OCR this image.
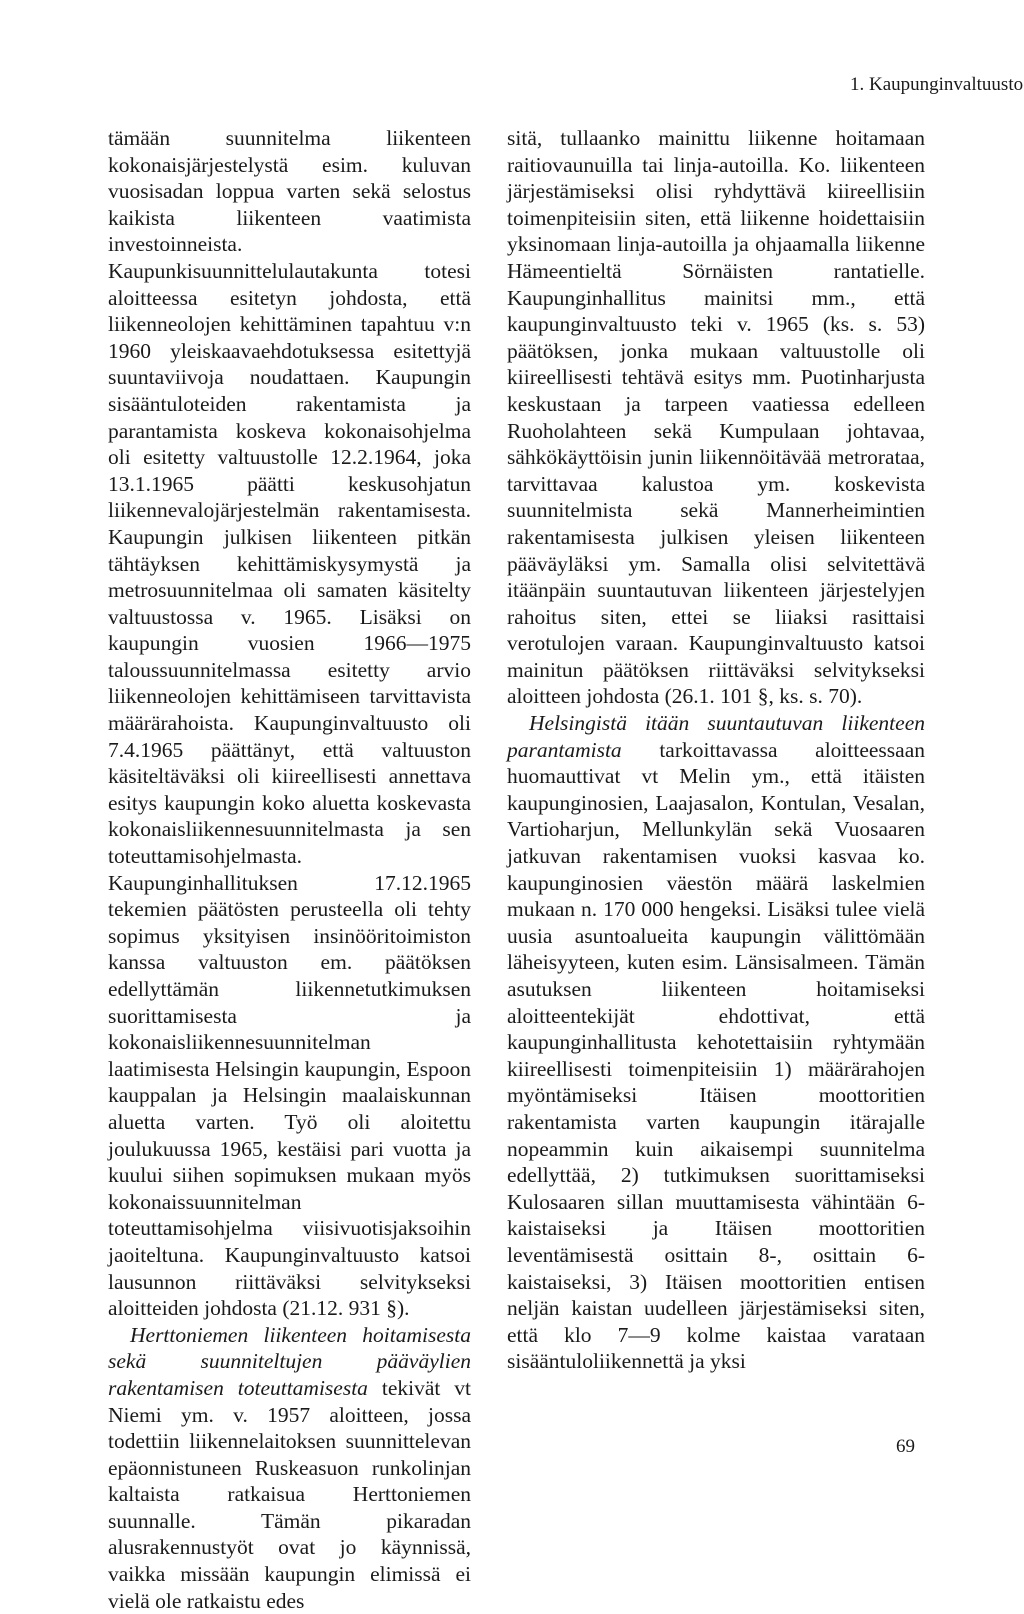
1. Kaupunginvaltuusto

tämään suunnitelma liikenteen kokonaisjärjestelystä esim. kuluvan vuosisadan loppua varten sekä selostus kaikista liikenteen vaatimista investoinneista. Kaupunkisuunnittelulautakunta totesi aloitteessa esitetyn johdosta, että liikenneolojen kehittäminen tapahtuu v:n 1960 yleiskaavaehdotuksessa esitettyjä suuntaviivoja noudattaen. Kaupungin sisääntuloteiden rakentamista ja parantamista koskeva kokonaisohjelma oli esitetty valtuustolle 12.2.1964, joka 13.1.1965 päätti keskusohjatun liikennevalojärjestelmän rakentamisesta. Kaupungin julkisen liikenteen pitkän tähtäyksen kehittämiskysymystä ja metrosuunnitelmaa oli samaten käsitelty valtuustossa v. 1965. Lisäksi on kaupungin vuosien 1966—1975 taloussuunnitelmassa esitetty arvio liikenneolojen kehittämiseen tarvittavista määrärahoista. Kaupunginvaltuusto oli 7.4.1965 päättänyt, että valtuuston käsiteltäväksi oli kiireellisesti annettava esitys kaupungin koko aluetta koskevasta kokonaisliikennesuunnitelmasta ja sen toteuttamisohjelmasta. Kaupunginhallituksen 17.12.1965 tekemien päätösten perusteella oli tehty sopimus yksityisen insinööritoimiston kanssa valtuuston em. päätöksen edellyttämän liikennetutkimuksen suorittamisesta ja kokonaisliikennesuunnitelman laatimisesta Helsingin kaupungin, Espoon kauppalan ja Helsingin maalaiskunnan aluetta varten. Työ oli aloitettu joulukuussa 1965, kestäisi pari vuotta ja kuului siihen sopimuksen mukaan myös kokonaissuunnitelman toteuttamisohjelma viisivuotisjaksoihin jaoiteltuna. Kaupunginvaltuusto katsoi lausunnon riittäväksi selvitykseksi aloitteiden johdosta (21.12. 931 §).

Herttoniemen liikenteen hoitamisesta sekä suunniteltujen pääväylien rakentamisen toteuttamisesta tekivät vt Niemi ym. v. 1957 aloitteen, jossa todettiin liikennelaitoksen suunnittelevan epäonnistuneen Ruskeasuon runkolinjan kaltaista ratkaisua Herttoniemen suunnalle. Tämän pikaradan alusrakennustyöt ovat jo käynnissä, vaikka missään kaupungin elimissä ei vielä ole ratkaistu edes

sitä, tullaanko mainittu liikenne hoitamaan raitiovaunuilla tai linja-autoilla. Ko. liikenteen järjestämiseksi olisi ryhdyttävä kiireellisiin toimenpiteisiin siten, että liikenne hoidettaisiin yksinomaan linja-autoilla ja ohjaamalla liikenne Hämeentieltä Sörnäisten rantatielle. Kaupunginhallitus mainitsi mm., että kaupunginvaltuusto teki v. 1965 (ks. s. 53) päätöksen, jonka mukaan valtuustolle oli kiireellisesti tehtävä esitys mm. Puotinharjusta keskustaan ja tarpeen vaatiessa edelleen Ruoholahteen sekä Kumpulaan johtavaa, sähkökäyttöisin junin liikennöitävää metrorataa, tarvittavaa kalustoa ym. koskevista suunnitelmista sekä Mannerheimintien rakentamisesta julkisen yleisen liikenteen pääväyläksi ym. Samalla olisi selvitettävä itäänpäin suuntautuvan liikenteen järjestelyjen rahoitus siten, ettei se liiaksi rasittaisi verotulojen varaan. Kaupunginvaltuusto katsoi mainitun päätöksen riittäväksi selvitykseksi aloitteen johdosta (26.1. 101 §, ks. s. 70).

Helsingistä itään suuntautuvan liikenteen parantamista tarkoittavassa aloitteessaan huomauttivat vt Melin ym., että itäisten kaupunginosien, Laajasalon, Kontulan, Vesalan, Vartioharjun, Mellunkylän sekä Vuosaaren jatkuvan rakentamisen vuoksi kasvaa ko. kaupunginosien väestön määrä laskelmien mukaan n. 170 000 hengeksi. Lisäksi tulee vielä uusia asuntoalueita kaupungin välittömään läheisyyteen, kuten esim. Länsisalmeen. Tämän asutuksen liikenteen hoitamiseksi aloitteentekijät ehdottivat, että kaupunginhallitusta kehotettaisiin ryhtymään kiireellisesti toimenpiteisiin 1) määrärahojen myöntämiseksi Itäisen moottoritien rakentamista varten kaupungin itärajalle nopeammin kuin aikaisempi suunnitelma edellyttää, 2) tutkimuksen suorittamiseksi Kulosaaren sillan muuttamisesta vähintään 6-kaistaiseksi ja Itäisen moottoritien leventämisestä osittain 8-, osittain 6-kaistaiseksi, 3) Itäisen moottoritien entisen neljän kaistan uudelleen järjestämiseksi siten, että klo 7—9 kolme kaistaa varataan sisääntuloliikennettä ja yksi

69
